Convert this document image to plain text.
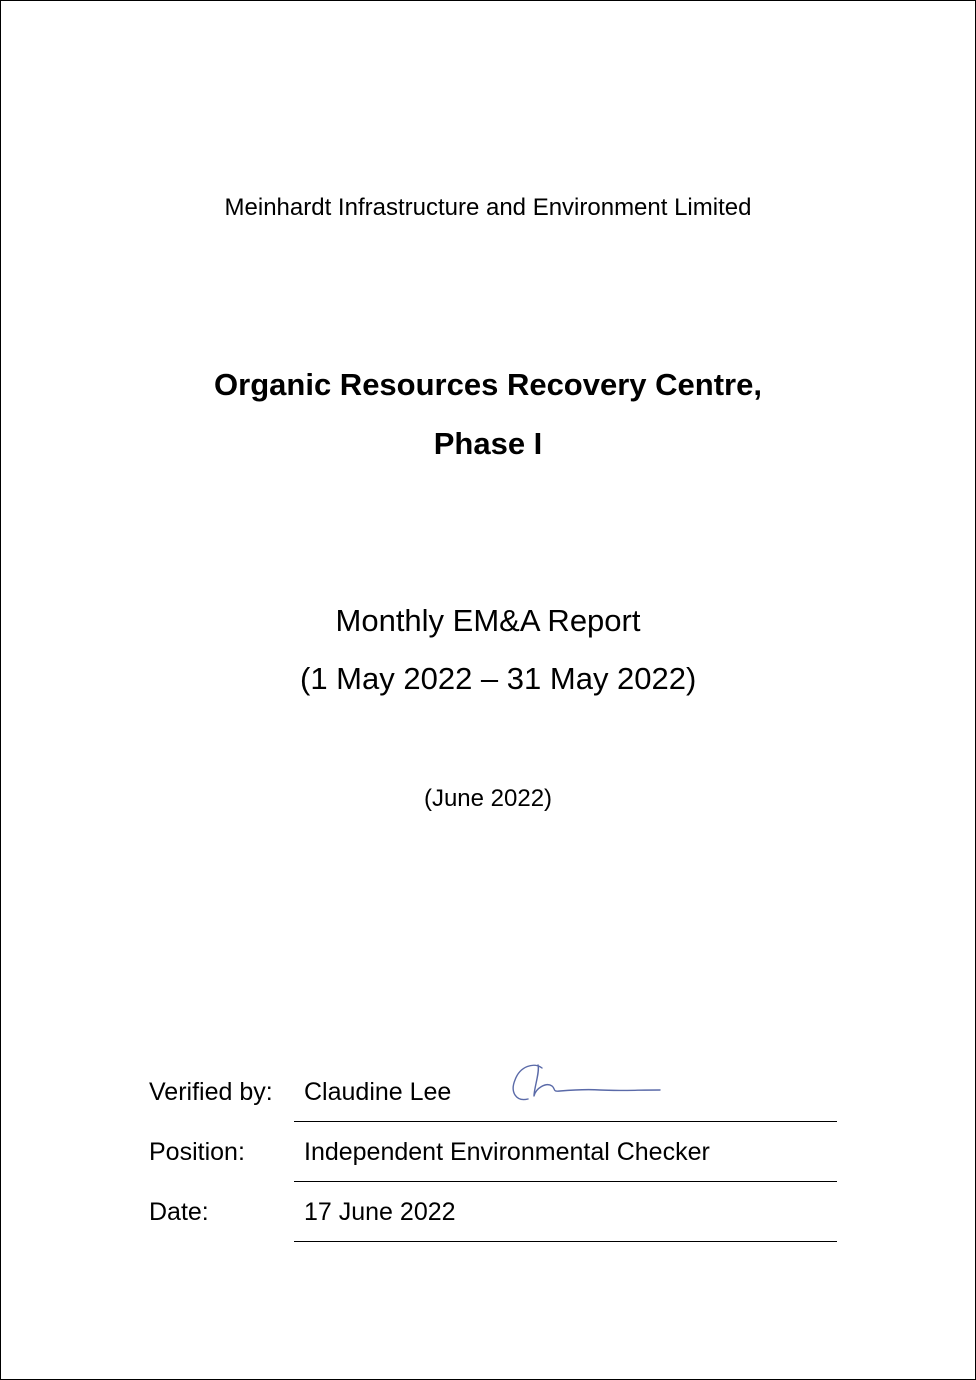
Meinhardt Infrastructure and Environment Limited
Organic Resources Recovery Centre,
Phase I
Monthly EM&A Report
(1 May 2022 – 31 May 2022)
(June 2022)
Verified by: Claudine Lee
Position: Independent Environmental Checker
Date:	17 June 2022
